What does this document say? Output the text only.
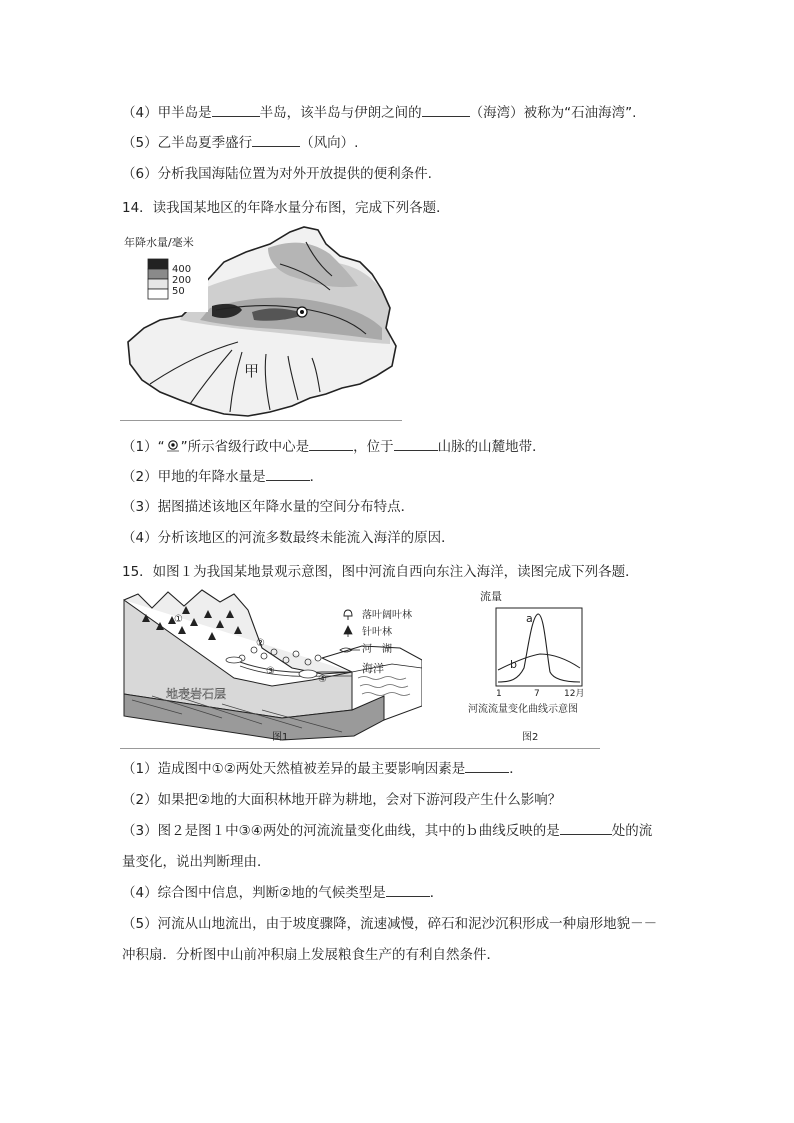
（4）甲半岛是	半岛，该半岛与伊朗之间的	（海湾）被称为“石油海湾”.
（5）乙半岛夏季盛行	（风向）.
（6）分析我国海陆位置为对外开放提供的便利条件.
14．读我国某地区的年降水量分布图，完成下列各题．
甲
年降水量/毫米
400
200
50
（1）“ ”所示省级行政中心是	，位于	山脉的山麓地带．
（2）甲地的年降水量是	．
（3）据图描述该地区年降水量的空间分布特点．
（4）分析该地区的河流多数最终未能流入海洋的原因．
15．如图１为我国某地景观示意图，图中河流自西向东注入海洋，读图完成下列各题．
①
②
③
④
海洋
地表岩石层
落叶阔叶林
针叶林
河　湖
图1
流量
a
b
1	7	12月
河流流量变化曲线示意图
图2
（1）造成图中①②两处天然植被差异的最主要影响因素是	．
（2）如果把②地的大面积林地开辟为耕地，会对下游河段产生什么影响？
（3）图２是图１中③④两处的河流流量变化曲线，其中的ｂ曲线反映的是	处的流
量变化，说出判断理由．
（4）综合图中信息，判断②地的气候类型是	．
（5）河流从山地流出，由于坡度骤降，流速减慢，碎石和泥沙沉积形成一种扇形地貌－－
冲积扇．分析图中山前冲积扇上发展粮食生产的有利自然条件．
